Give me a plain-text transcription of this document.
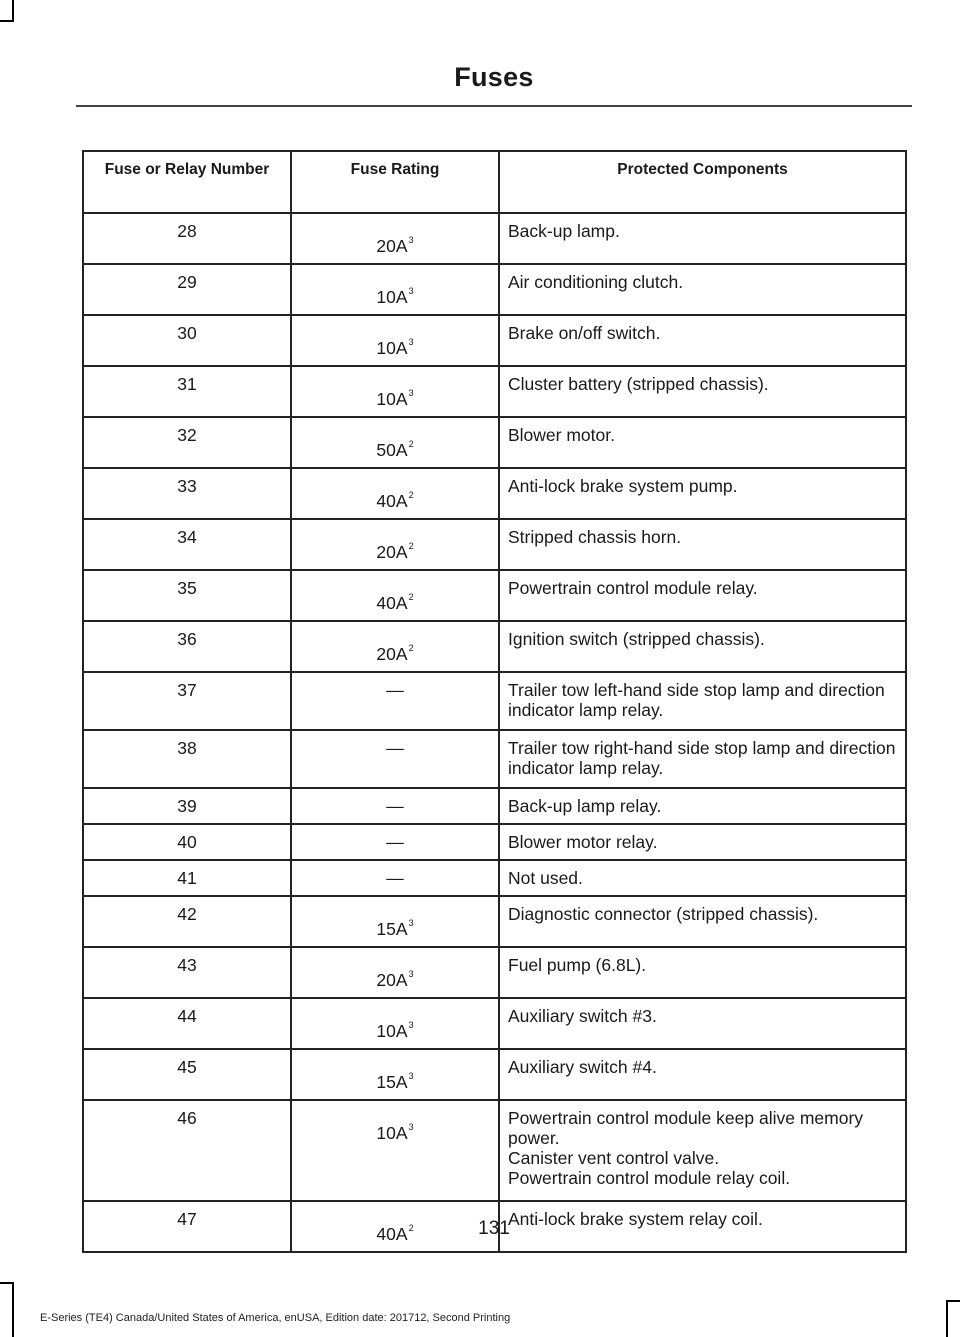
Fuses
Fuse or Relay Number	Fuse Rating	Protected Components
28	$20A^3$	Back-up lamp.

29	$10A^3$	Air conditioning clutch.

30	$10A^3$	Brake on/off switch.

31	$10A^3$	Cluster battery (stripped chassis).

32	$50A^2$	Blower motor.

33	$40A^2$	Anti-lock brake system pump.

34	$20A^2$	Stripped chassis horn.

35	$40A^2$	Powertrain control module relay.

36	$20A^2$	Ignition switch (stripped chassis).

37	—	Trailer tow left-hand side stop lamp and direction indicator lamp relay.

38	—	Trailer tow right-hand side stop lamp and direction indicator lamp relay.

39	—	Back-up lamp relay.

40	—	Blower motor relay.

41	—	Not used.

42	$15A^3$	Diagnostic connector (stripped chassis).

43	$20A^3$	Fuel pump (6.8L).

44	$10A^3$	Auxiliary switch #3.

45	$15A^3$	Auxiliary switch #4.

46	$10A^3$	Powertrain control module keep alive memory power.
Canister vent control valve.
Powertrain control module relay coil.

47	$40A^2$	Anti-lock brake system relay coil.
131
E-Series (TE4) Canada/United States of America, enUSA, Edition date: 201712, Second Printing
